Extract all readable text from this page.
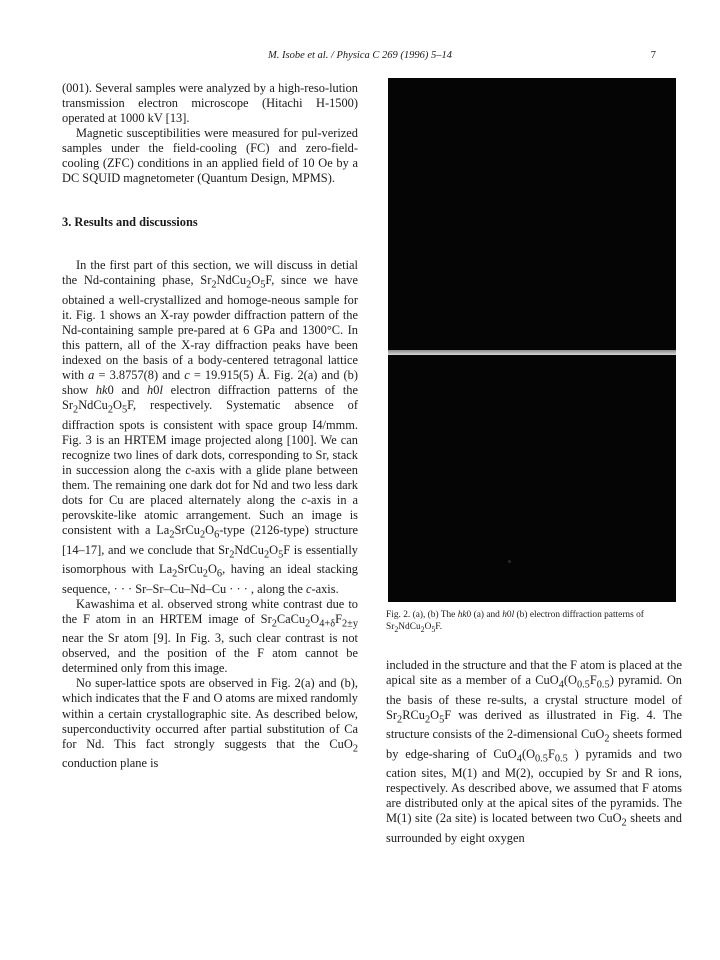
M. Isobe et al. / Physica C 269 (1996) 5–14	7

(001). Several samples were analyzed by a high-reso-lution transmission electron microscope (Hitachi H-1500) operated at 1000 kV [13].

Magnetic susceptibilities were measured for pul-verized samples under the field-cooling (FC) and zero-field-cooling (ZFC) conditions in an applied field of 10 Oe by a DC SQUID magnetometer (Quantum Design, MPMS).

3. Results and discussions

In the first part of this section, we will discuss in detial the Nd-containing phase, $Sr_2NdCu_2O_5F$, since we have obtained a well-crystallized and homoge-neous sample for it. Fig. 1 shows an X-ray powder diffraction pattern of the Nd-containing sample pre-pared at 6 GPa and 1300°C. In this pattern, all of the X-ray diffraction peaks have been indexed on the basis of a body-centered tetragonal lattice with a = 3.8757(8) and c = 19.915(5) Å. Fig. 2(a) and (b) show hk0 and h0l electron diffraction patterns of the $Sr_2NdCu_2O_5F$, respectively. Systematic absence of diffraction spots is consistent with space group I4/mmm. Fig. 3 is an HRTEM image projected along [100]. We can recognize two lines of dark dots, corresponding to Sr, stack in succession along the c-axis with a glide plane between them. The remaining one dark dot for Nd and two less dark dots for Cu are placed alternately along the c-axis in a perovskite-like atomic arrangement. Such an image is consistent with a $La_2SrCu_2O_6$-type (2126-type) structure [14–17], and we conclude that $Sr_2NdCu_2O_5F$ is essentially isomorphous with $La_2SrCu_2O_6$, having an ideal stacking sequence, · · · Sr–Sr–Cu–Nd–Cu · · · , along the c-axis.

Kawashima et al. observed strong white contrast due to the F atom in an HRTEM image of $Sr_2CaCu_2O_{4+\delta}F_{2\pm y}$ near the Sr atom [9]. In Fig. 3, such clear contrast is not observed, and the position of the F atom cannot be determined only from this image.

No super-lattice spots are observed in Fig. 2(a) and (b), which indicates that the F and O atoms are mixed randomly within a certain crystallographic site. As described below, superconductivity occurred after partial substitution of Ca for Nd. This fact strongly suggests that the CuO$_2$ conduction plane is

Fig. 2. (a), (b) The hk0 (a) and h0l (b) electron diffraction patterns of $Sr_2NdCu_2O_5F$.

included in the structure and that the F atom is placed at the apical site as a member of a $CuO_4(O_{0.5}F_{0.5})$ pyramid. On the basis of these re-sults, a crystal structure model of $Sr_2RCu_2O_5F$ was derived as illustrated in Fig. 4. The structure consists of the 2-dimensional CuO$_2$ sheets formed by edge-sharing of $CuO_4(O_{0.5}F_{0.5}$ ) pyramids and two cation sites, M(1) and M(2), occupied by Sr and R ions, respectively. As described above, we assumed that F atoms are distributed only at the apical sites of the pyramids. The M(1) site (2a site) is located between two CuO$_2$ sheets and surrounded by eight oxygen
